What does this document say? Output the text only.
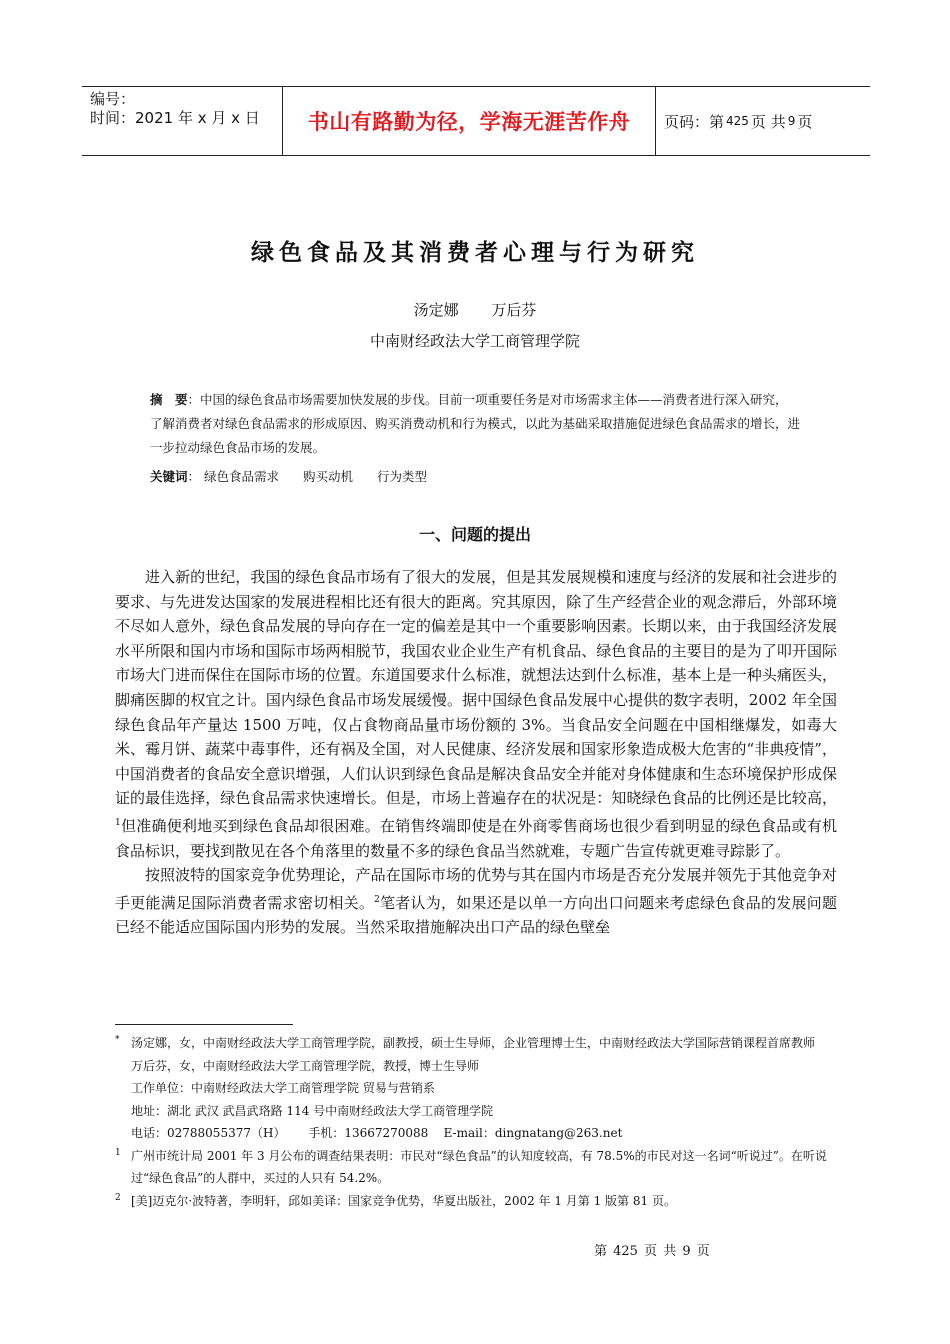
编号：
时间：2021 年 x 月 x 日	书山有路勤为径，学海无涯苦作舟	页码：第 425 页 共 9 页
绿色食品及其消费者心理与行为研究
汤定娜 万后芬
中南财经政法大学工商管理学院
摘　要：中国的绿色食品市场需要加快发展的步伐。目前一项重要任务是对市场需求主体——消费者进行深入研究，了解消费者对绿色食品需求的形成原因、购买消费动机和行为模式，以此为基础采取措施促进绿色食品需求的增长，进一步拉动绿色食品市场的发展。
关键词： 绿色食品需求 购买动机 行为类型
一、问题的提出

进入新的世纪，我国的绿色食品市场有了很大的发展，但是其发展规模和速度与经济的发展和社会进步的要求、与先进发达国家的发展进程相比还有很大的距离。究其原因，除了生产经营企业的观念滞后，外部环境不尽如人意外，绿色食品发展的导向存在一定的偏差是其中一个重要影响因素。长期以来，由于我国经济发展水平所限和国内市场和国际市场两相脱节，我国农业企业生产有机食品、绿色食品的主要目的是为了叩开国际市场大门进而保住在国际市场的位置。东道国要求什么标准，就想法达到什么标准，基本上是一种头痛医头，脚痛医脚的权宜之计。国内绿色食品市场发展缓慢。据中国绿色食品发展中心提供的数字表明，2002 年全国绿色食品年产量达 1500 万吨，仅占食物商品量市场份额的 3%。当食品安全问题在中国相继爆发，如毒大米、霉月饼、蔬菜中毒事件，还有祸及全国，对人民健康、经济发展和国家形象造成极大危害的“非典疫情”，中国消费者的食品安全意识增强，人们认识到绿色食品是解决食品安全并能对身体健康和生态环境保护形成保证的最佳选择，绿色食品需求快速增长。但是，市场上普遍存在的状况是：知晓绿色食品的比例还是比较高，$^1$但准确便利地买到绿色食品却很困难。在销售终端即使是在外商零售商场也很少看到明显的绿色食品或有机食品标识，要找到散见在各个角落里的数量不多的绿色食品当然就难，专题广告宣传就更难寻踪影了。

按照波特的国家竞争优势理论，产品在国际市场的优势与其在国内市场是否充分发展并领先于其他竞争对手更能满足国际消费者需求密切相关。$^2$笔者认为，如果还是以单一方向出口问题来考虑绿色食品的发展问题已经不能适应国际国内形势的发展。当然采取措施解决出口产品的绿色壁垒

* 汤定娜，女，中南财经政法大学工商管理学院，副教授，硕士生导师，企业管理博士生，中南财经政法大学国际营销课程首席教师
万后芬，女，中南财经政法大学工商管理学院，教授，博士生导师
工作单位：中南财经政法大学工商管理学院 贸易与营销系
地址：湖北 武汉 武昌武珞路 114 号中南财经政法大学工商管理学院
电话：02788055377（H）      手机：13667270088    E-mail：dingnatang@263.net
1 广州市统计局 2001 年 3 月公布的调查结果表明：市民对“绿色食品”的认知度较高，有 78.5%的市民对这一名词“听说过”。在听说过“绿色食品”的人群中，买过的人只有 54.2%。
2 [美]迈克尔·波特著，李明轩，邱如美译：国家竞争优势，华夏出版社，2002 年 1 月第 1 版第 81 页。
第 425 页 共 9 页
